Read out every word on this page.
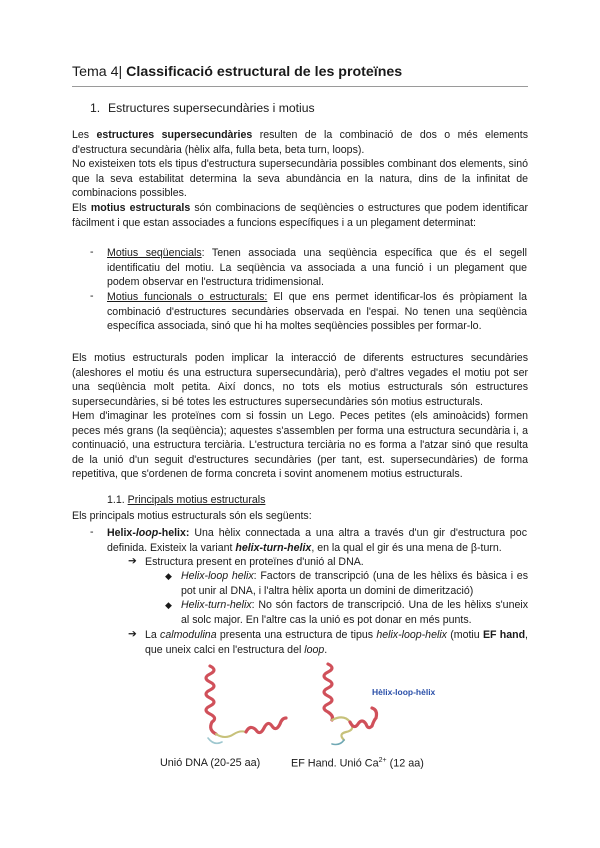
Tema 4| Classificació estructural de les proteïnes
1. Estructures supersecundàries i motius
Les estructures supersecundàries resulten de la combinació de dos o més elements d'estructura secundària (hèlix alfa, fulla beta, beta turn, loops).
No existeixen tots els tipus d'estructura supersecundària possibles combinant dos elements, sinó que la seva estabilitat determina la seva abundància en la natura, dins de la infinitat de combinacions possibles.
Els motius estructurals són combinacions de seqüències o estructures que podem identificar fàcilment i que estan associades a funcions específiques i a un plegament determinat:
- Motius seqüencials: Tenen associada una seqüència específica que és el segell identificatiu del motiu. La seqüència va associada a una funció i un plegament que podem observar en l'estructura tridimensional.
- Motius funcionals o estructurals: El que ens permet identificar-los és pròpiament la combinació d'estructures secundàries observada en l'espai. No tenen una seqüència específica associada, sinó que hi ha moltes seqüències possibles per formar-lo.
Els motius estructurals poden implicar la interacció de diferents estructures secundàries (aleshores el motiu és una estructura supersecundària), però d'altres vegades el motiu pot ser una seqüència molt petita. Així doncs, no tots els motius estructurals són estructures supersecundàries, si bé totes les estructures supersecundàries són motius estructurals.
Hem d'imaginar les proteïnes com si fossin un Lego. Peces petites (els aminoàcids) formen peces més grans (la seqüència); aquestes s'assemblen per forma una estructura secundària i, a continuació, una estructura terciària. L'estructura terciària no es forma a l'atzar sinó que resulta de la unió d'un seguit d'estructures secundàries (per tant, est. supersecundàries) de forma repetitiva, que s'ordenen de forma concreta i sovint anomenem motius estructurals.
1.1. Principals motius estructurals
Els principals motius estructurals són els següents:
- Helix-loop-helix: Una hèlix connectada a una altra a través d'un gir d'estructura poc definida. Existeix la variant helix-turn-helix, en la qual el gir és una mena de β-turn.
➔ Estructura present en proteïnes d'unió al DNA.
◆ Helix-loop helix: Factors de transcripció (una de les hèlixs és bàsica i es pot unir al DNA, i l'altra hèlix aporta un domini de dimerització)
◆ Helix-turn-helix: No són factors de transcripció. Una de les hèlixs s'uneix al solc major. En l'altre cas la unió es pot donar en més punts.
➔ La calmodulina presenta una estructura de tipus helix-loop-helix (motiu EF hand, que uneix calci en l'estructura del loop.
Hèlix-loop-hèlix
Unió DNA (20-25 aa)	EF Hand. Unió $Ca^{2+}$ (12 aa)
